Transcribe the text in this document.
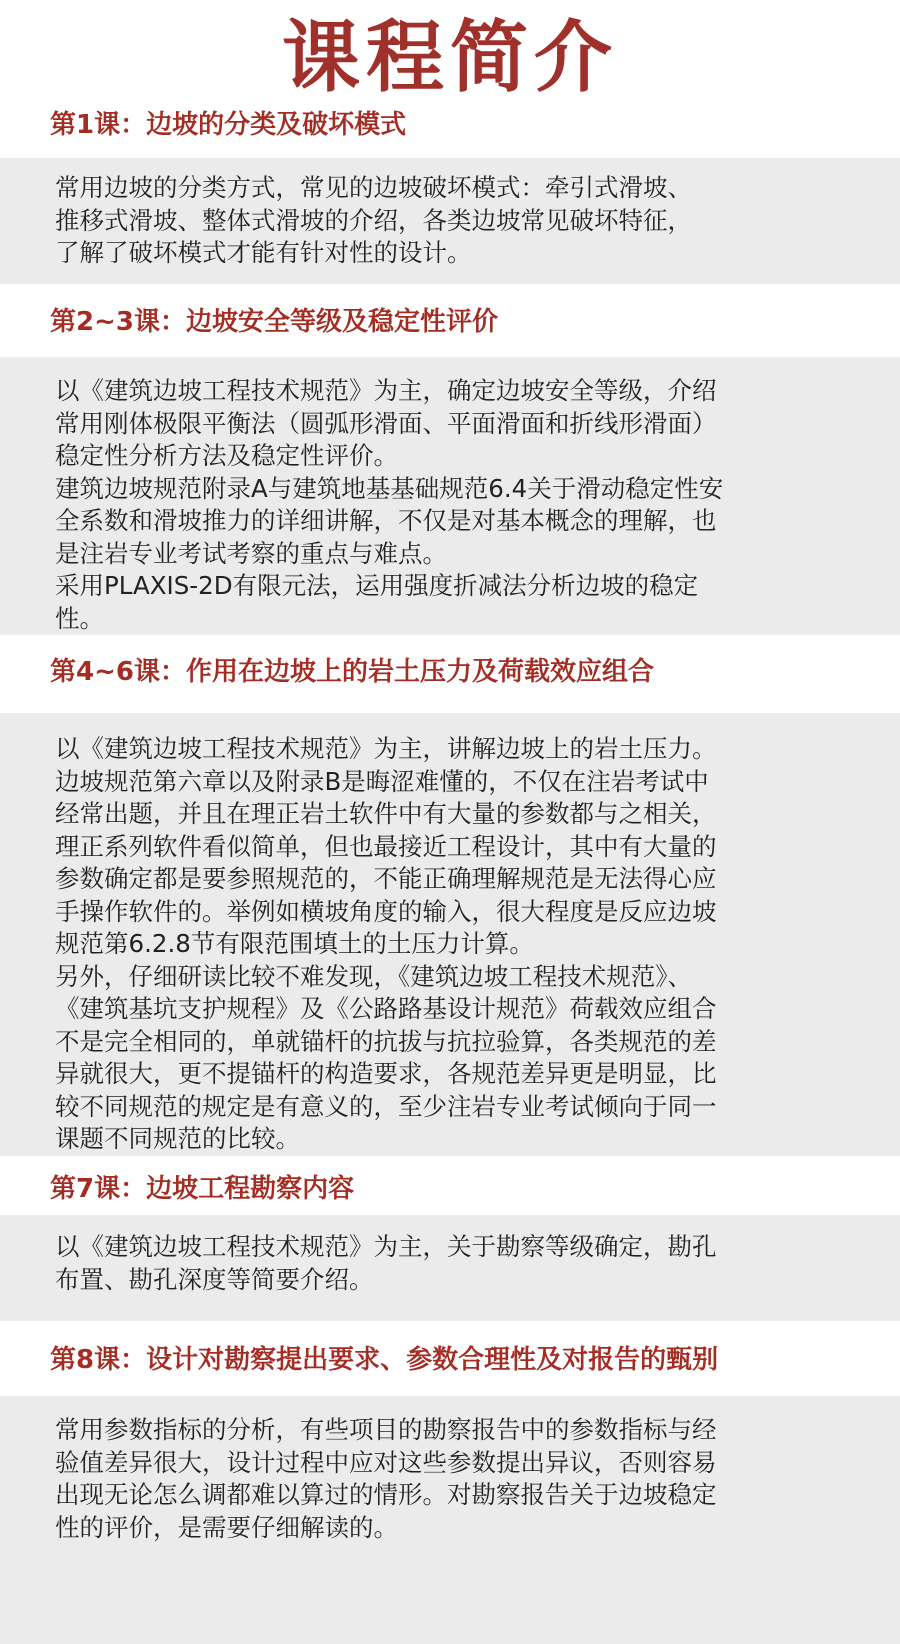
课程简介
第1课：边坡的分类及破坏模式

常用边坡的分类方式，常见的边坡破坏模式：牵引式滑坡、
推移式滑坡、整体式滑坡的介绍，各类边坡常见破坏特征，
了解了破坏模式才能有针对性的设计。

第2~3课：边坡安全等级及稳定性评价

以《建筑边坡工程技术规范》为主，确定边坡安全等级，介绍
常用刚体极限平衡法（圆弧形滑面、平面滑面和折线形滑面）
稳定性分析方法及稳定性评价。

建筑边坡规范附录A与建筑地基基础规范6.4关于滑动稳定性安
全系数和滑坡推力的详细讲解，不仅是对基本概念的理解，也
是注岩专业考试考察的重点与难点。

采用PLAXIS-2D有限元法，运用强度折减法分析边坡的稳定
性。

第4~6课：作用在边坡上的岩土压力及荷载效应组合

以《建筑边坡工程技术规范》为主，讲解边坡上的岩土压力。
边坡规范第六章以及附录B是晦涩难懂的，不仅在注岩考试中
经常出题，并且在理正岩土软件中有大量的参数都与之相关，
理正系列软件看似简单，但也最接近工程设计，其中有大量的
参数确定都是要参照规范的，不能正确理解规范是无法得心应
手操作软件的。举例如横坡角度的输入，很大程度是反应边坡
规范第6.2.8节有限范围填土的土压力计算。

另外，仔细研读比较不难发现，《建筑边坡工程技术规范》、
《建筑基坑支护规程》及《公路路基设计规范》荷载效应组合
不是完全相同的，单就锚杆的抗拔与抗拉验算，各类规范的差
异就很大，更不提锚杆的构造要求，各规范差异更是明显，比
较不同规范的规定是有意义的，至少注岩专业考试倾向于同一
课题不同规范的比较。

第7课：边坡工程勘察内容

以《建筑边坡工程技术规范》为主，关于勘察等级确定，勘孔
布置、勘孔深度等简要介绍。

第8课：设计对勘察提出要求、参数合理性及对报告的甄别

常用参数指标的分析，有些项目的勘察报告中的参数指标与经
验值差异很大，设计过程中应对这些参数提出异议，否则容易
出现无论怎么调都难以算过的情形。对勘察报告关于边坡稳定
性的评价，是需要仔细解读的。
